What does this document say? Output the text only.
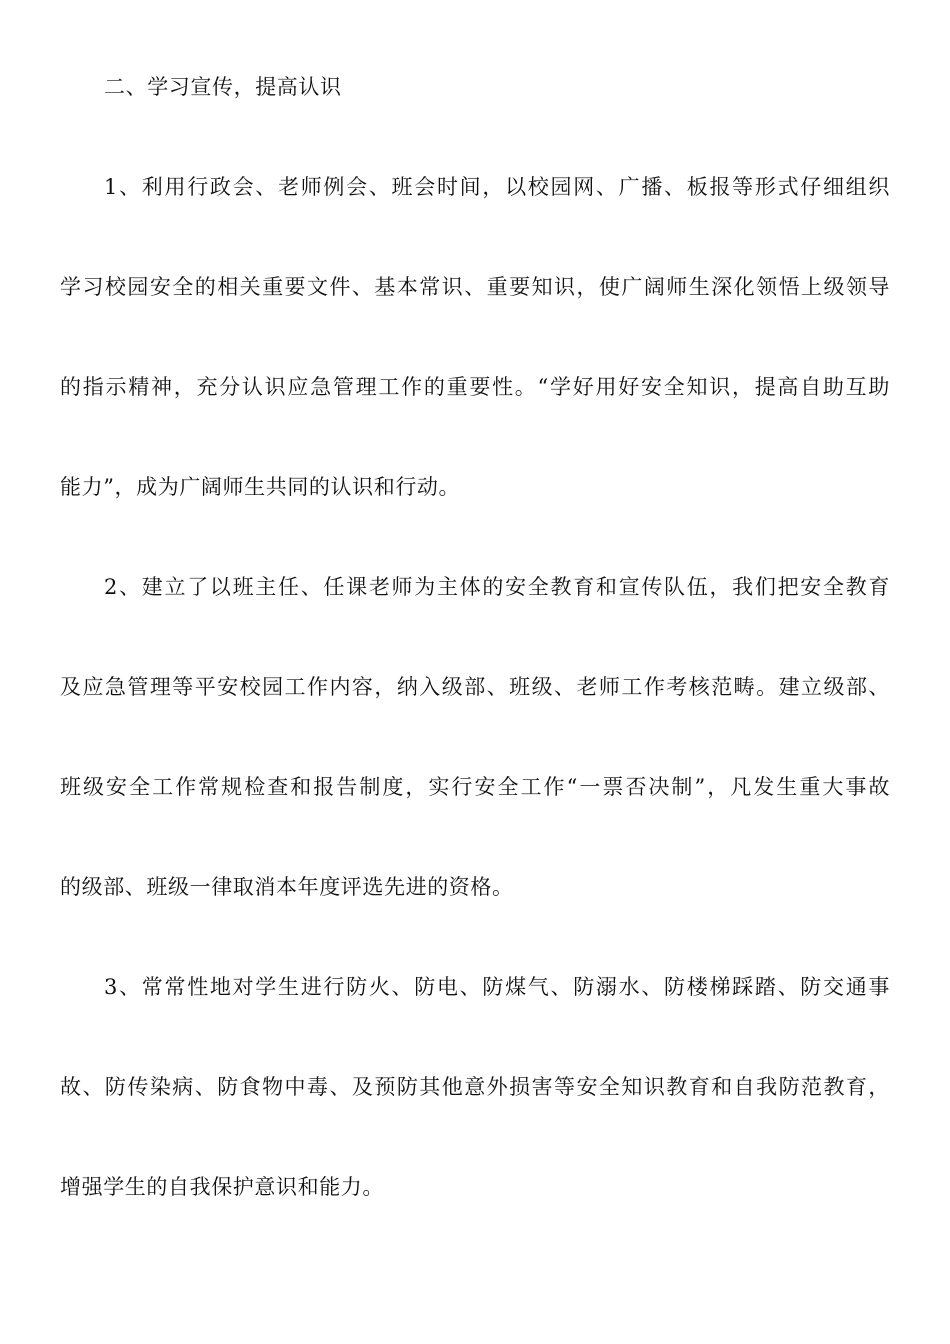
二、学习宣传，提高认识
1、利用行政会、老师例会、班会时间，以校园网、广播、板报等形式仔细组织
学习校园安全的相关重要文件、基本常识、重要知识，使广阔师生深化领悟上级领导
的指示精神，充分认识应急管理工作的重要性。“学好用好安全知识，提高自助互助
能力”，成为广阔师生共同的认识和行动。
2、建立了以班主任、任课老师为主体的安全教育和宣传队伍，我们把安全教育
及应急管理等平安校园工作内容，纳入级部、班级、老师工作考核范畴。建立级部、
班级安全工作常规检查和报告制度，实行安全工作“一票否决制”，凡发生重大事故
的级部、班级一律取消本年度评选先进的资格。
3、常常性地对学生进行防火、防电、防煤气、防溺水、防楼梯踩踏、防交通事
故、防传染病、防食物中毒、及预防其他意外损害等安全知识教育和自我防范教育，
增强学生的自我保护意识和能力。
